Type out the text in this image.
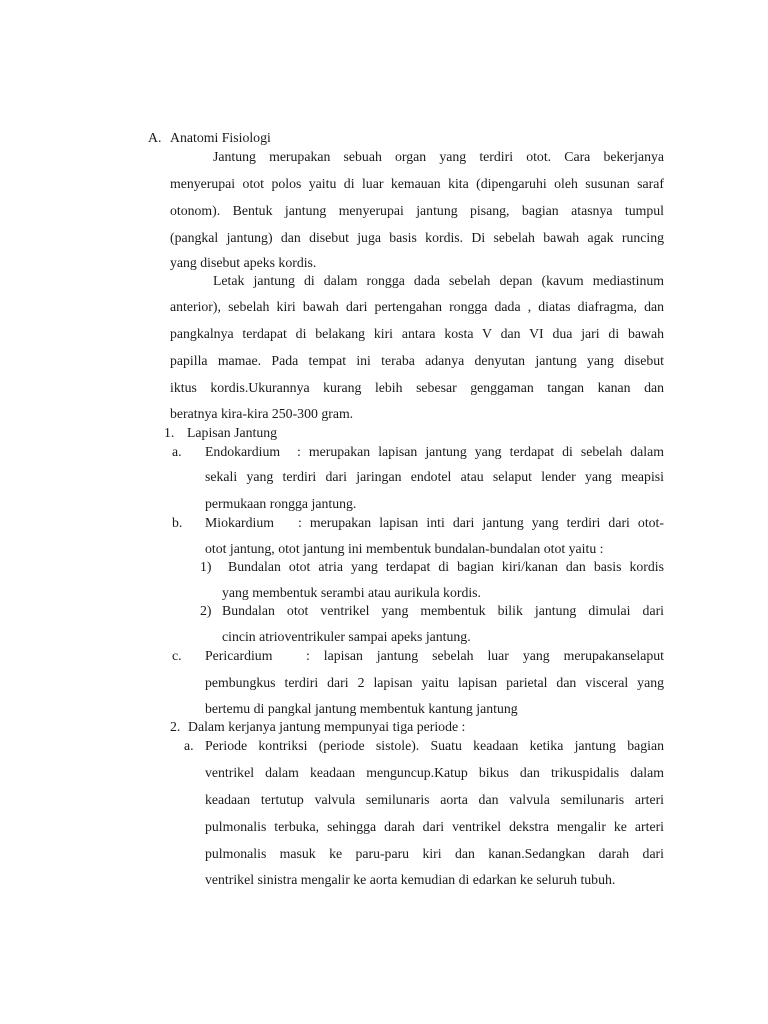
A. Anatomi Fisiologi
Jantung merupakan sebuah organ yang terdiri otot. Cara bekerjanya
menyerupai otot polos yaitu di luar kemauan kita (dipengaruhi oleh susunan saraf
otonom). Bentuk jantung menyerupai jantung pisang, bagian atasnya tumpul
(pangkal jantung) dan disebut juga basis kordis. Di sebelah bawah agak runcing
yang disebut apeks kordis.
Letak jantung di dalam rongga dada sebelah depan (kavum mediastinum
anterior), sebelah kiri bawah dari pertengahan rongga dada , diatas diafragma, dan
pangkalnya terdapat di belakang kiri antara kosta V dan VI dua jari di bawah
papilla mamae. Pada tempat ini teraba adanya denyutan jantung yang disebut
iktus kordis.Ukurannya kurang lebih sebesar genggaman tangan kanan dan
beratnya kira-kira 250-300 gram.
1. Lapisan Jantung
a. Endokardium : merupakan lapisan jantung yang terdapat di sebelah dalam
sekali yang terdiri dari jaringan endotel atau selaput lender yang meapisi
permukaan rongga jantung.
b. Miokardium : merupakan lapisan inti dari jantung yang terdiri dari otot-
otot jantung, otot jantung ini membentuk bundalan-bundalan otot yaitu :
1) Bundalan otot atria yang terdapat di bagian kiri/kanan dan basis kordis
yang membentuk serambi atau aurikula kordis.
2) Bundalan otot ventrikel yang membentuk bilik jantung dimulai dari
cincin atrioventrikuler sampai apeks jantung.
c. Pericardium : lapisan jantung sebelah luar yang merupakanselaput
pembungkus terdiri dari 2 lapisan yaitu lapisan parietal dan visceral yang
bertemu di pangkal jantung membentuk kantung jantung
2. Dalam kerjanya jantung mempunyai tiga periode :
a. Periode kontriksi (periode sistole). Suatu keadaan ketika jantung bagian
ventrikel dalam keadaan menguncup.Katup bikus dan trikuspidalis dalam
keadaan tertutup valvula semilunaris aorta dan valvula semilunaris arteri
pulmonalis terbuka, sehingga darah dari ventrikel dekstra mengalir ke arteri
pulmonalis masuk ke paru-paru kiri dan kanan.Sedangkan darah dari
ventrikel sinistra mengalir ke aorta kemudian di edarkan ke seluruh tubuh.
